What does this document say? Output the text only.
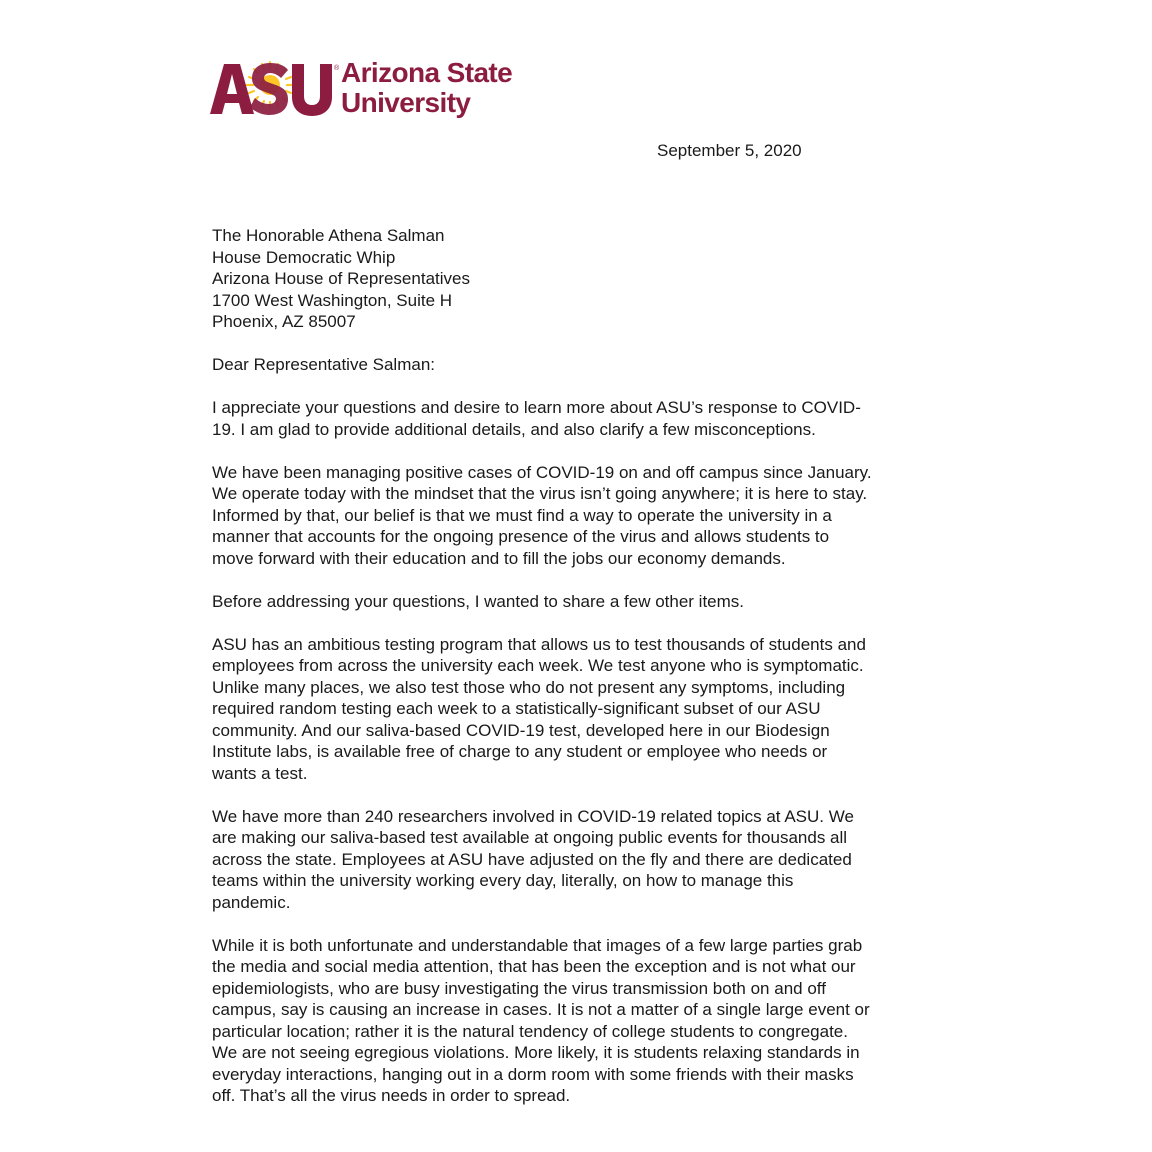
® Arizona State
University
September 5, 2020
The Honorable Athena Salman
House Democratic Whip
Arizona House of Representatives
1700 West Washington, Suite H
Phoenix, AZ 85007
Dear Representative Salman:
I appreciate your questions and desire to learn more about ASU’s response to COVID-
19. I am glad to provide additional details, and also clarify a few misconceptions.
We have been managing positive cases of COVID-19 on and off campus since January.
We operate today with the mindset that the virus isn’t going anywhere; it is here to stay.
Informed by that, our belief is that we must find a way to operate the university in a
manner that accounts for the ongoing presence of the virus and allows students to
move forward with their education and to fill the jobs our economy demands.
Before addressing your questions, I wanted to share a few other items.
ASU has an ambitious testing program that allows us to test thousands of students and
employees from across the university each week. We test anyone who is symptomatic.
Unlike many places, we also test those who do not present any symptoms, including
required random testing each week to a statistically-significant subset of our ASU
community. And our saliva-based COVID-19 test, developed here in our Biodesign
Institute labs, is available free of charge to any student or employee who needs or
wants a test.
We have more than 240 researchers involved in COVID-19 related topics at ASU. We
are making our saliva-based test available at ongoing public events for thousands all
across the state. Employees at ASU have adjusted on the fly and there are dedicated
teams within the university working every day, literally, on how to manage this
pandemic.
While it is both unfortunate and understandable that images of a few large parties grab
the media and social media attention, that has been the exception and is not what our
epidemiologists, who are busy investigating the virus transmission both on and off
campus, say is causing an increase in cases. It is not a matter of a single large event or
particular location; rather it is the natural tendency of college students to congregate.
We are not seeing egregious violations. More likely, it is students relaxing standards in
everyday interactions, hanging out in a dorm room with some friends with their masks
off. That’s all the virus needs in order to spread.
